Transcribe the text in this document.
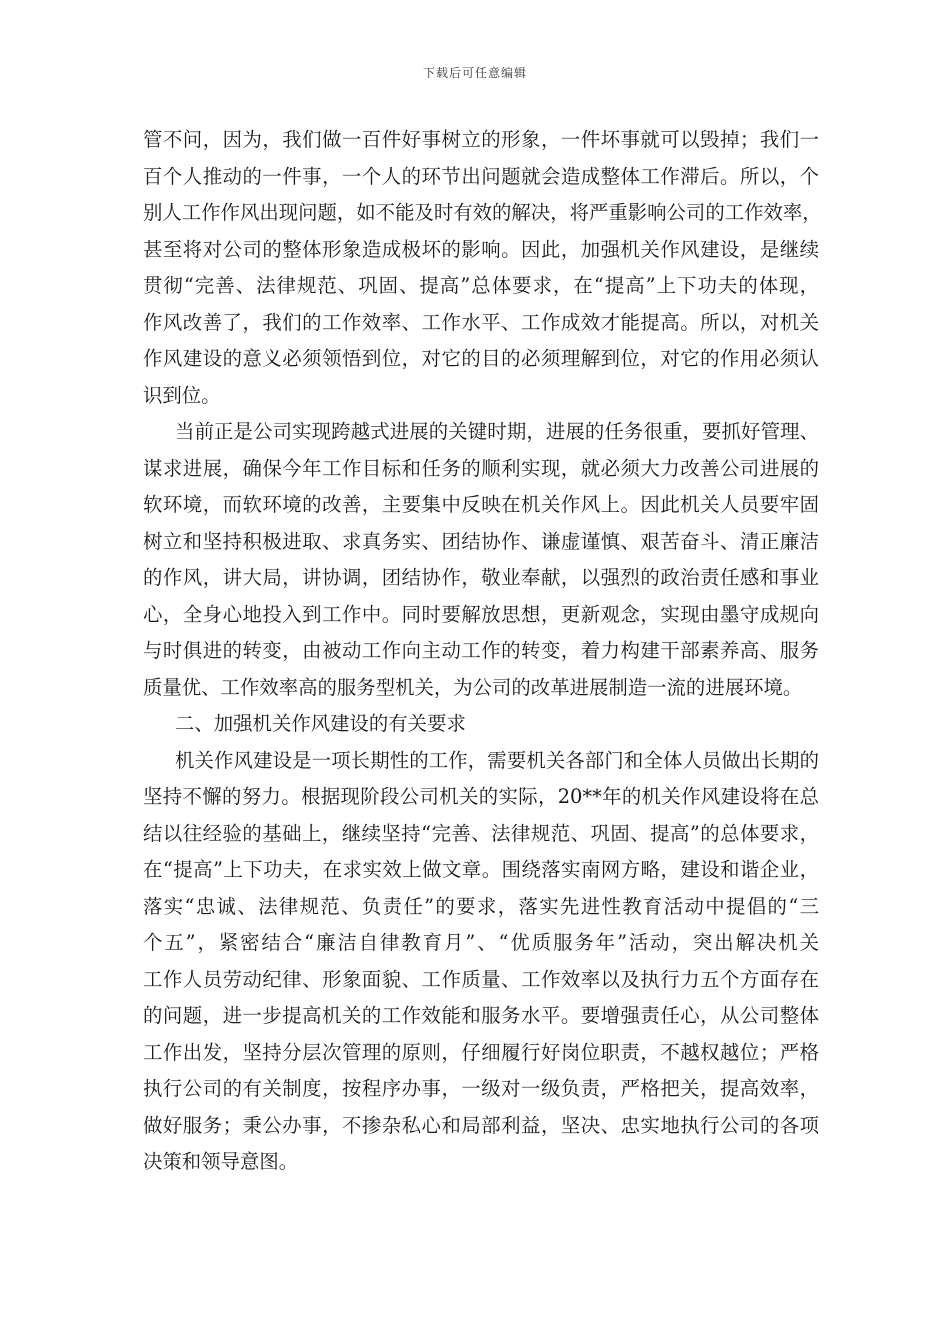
下载后可任意编辑
管不问，因为，我们做一百件好事树立的形象，一件坏事就可以毁掉；我们一
百个人推动的一件事，一个人的环节出问题就会造成整体工作滞后。所以，个
别人工作作风出现问题，如不能及时有效的解决，将严重影响公司的工作效率，
甚至将对公司的整体形象造成极坏的影响。因此，加强机关作风建设，是继续
贯彻“完善、法律规范、巩固、提高”总体要求，在“提高”上下功夫的体现，
作风改善了，我们的工作效率、工作水平、工作成效才能提高。所以，对机关
作风建设的意义必须领悟到位，对它的目的必须理解到位，对它的作用必须认
识到位。
当前正是公司实现跨越式进展的关键时期，进展的任务很重，要抓好管理、
谋求进展，确保今年工作目标和任务的顺利实现，就必须大力改善公司进展的
软环境，而软环境的改善，主要集中反映在机关作风上。因此机关人员要牢固
树立和坚持积极进取、求真务实、团结协作、谦虚谨慎、艰苦奋斗、清正廉洁
的作风，讲大局，讲协调，团结协作，敬业奉献，以强烈的政治责任感和事业
心，全身心地投入到工作中。同时要解放思想，更新观念，实现由墨守成规向
与时俱进的转变，由被动工作向主动工作的转变，着力构建干部素养高、服务
质量优、工作效率高的服务型机关，为公司的改革进展制造一流的进展环境。
二、加强机关作风建设的有关要求
机关作风建设是一项长期性的工作，需要机关各部门和全体人员做出长期的
坚持不懈的努力。根据现阶段公司机关的实际，20**年的机关作风建设将在总
结以往经验的基础上，继续坚持“完善、法律规范、巩固、提高”的总体要求，
在“提高”上下功夫，在求实效上做文章。围绕落实南网方略，建设和谐企业，
落实“忠诚、法律规范、负责任”的要求，落实先进性教育活动中提倡的“三
个五”，紧密结合“廉洁自律教育月”、“优质服务年”活动，突出解决机关
工作人员劳动纪律、形象面貌、工作质量、工作效率以及执行力五个方面存在
的问题，进一步提高机关的工作效能和服务水平。要增强责任心，从公司整体
工作出发，坚持分层次管理的原则，仔细履行好岗位职责，不越权越位；严格
执行公司的有关制度，按程序办事，一级对一级负责，严格把关，提高效率，
做好服务；秉公办事，不掺杂私心和局部利益，坚决、忠实地执行公司的各项
决策和领导意图。
